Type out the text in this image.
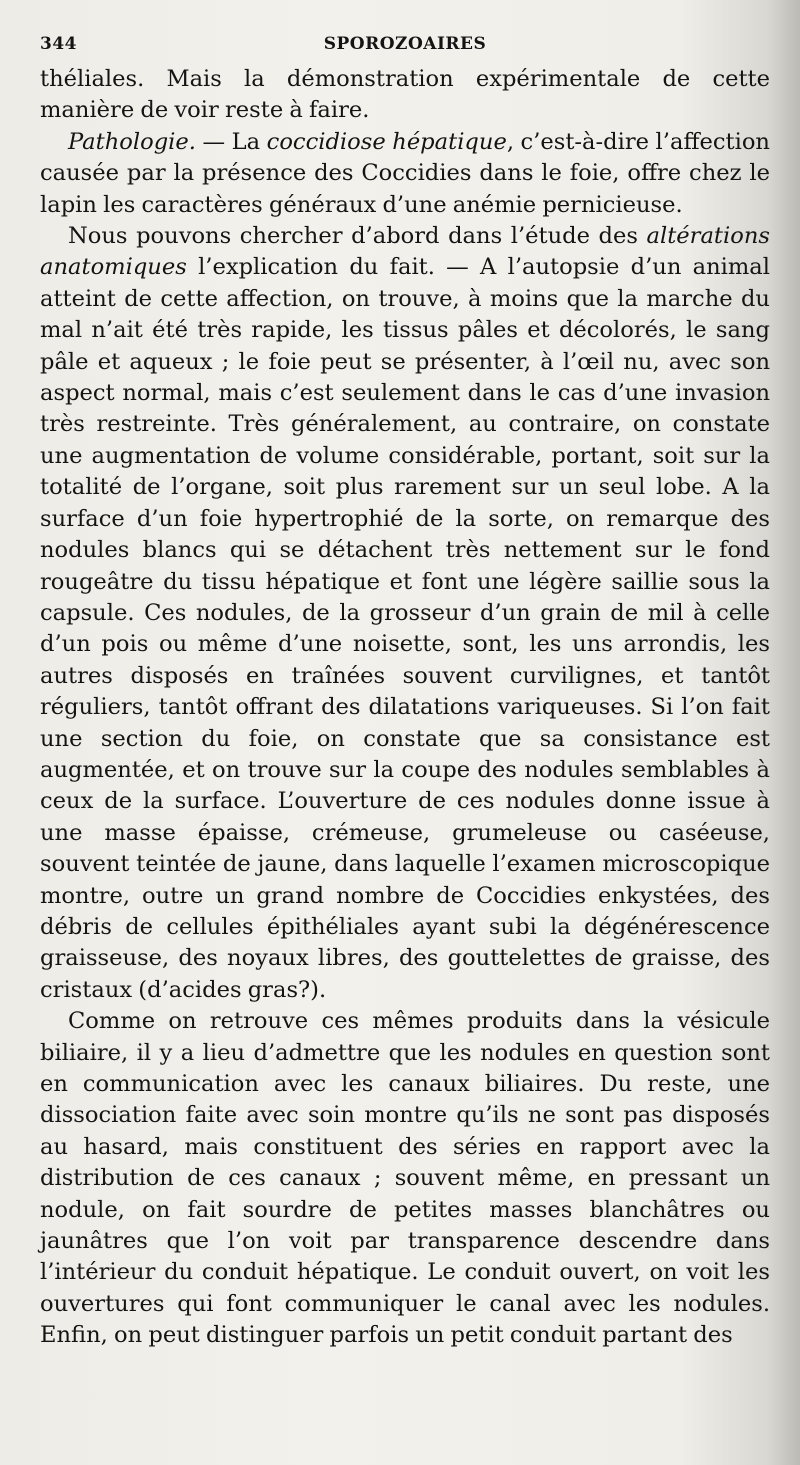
344	SPOROZOAIRES

théliales. Mais la démonstration expérimentale de cette manière de voir reste à faire.

Pathologie. — La coccidiose hépatique, c’est-à-dire l’affection causée par la présence des Coccidies dans le foie, offre chez le lapin les caractères généraux d’une anémie pernicieuse.

Nous pouvons chercher d’abord dans l’étude des altérations anatomiques l’explication du fait. — A l’autopsie d’un animal atteint de cette affection, on trouve, à moins que la marche du mal n’ait été très rapide, les tissus pâles et décolorés, le sang pâle et aqueux ; le foie peut se présenter, à l’œil nu, avec son aspect normal, mais c’est seulement dans le cas d’une invasion très restreinte. Très généralement, au contraire, on constate une augmentation de volume considérable, portant, soit sur la totalité de l’organe, soit plus rarement sur un seul lobe. A la surface d’un foie hypertrophié de la sorte, on remarque des nodules blancs qui se détachent très nettement sur le fond rougeâtre du tissu hépatique et font une légère saillie sous la capsule. Ces nodules, de la grosseur d’un grain de mil à celle d’un pois ou même d’une noisette, sont, les uns arrondis, les autres disposés en traînées souvent curvilignes, et tantôt réguliers, tantôt offrant des dilatations variqueuses. Si l’on fait une section du foie, on constate que sa consistance est augmentée, et on trouve sur la coupe des nodules semblables à ceux de la surface. L’ouverture de ces nodules donne issue à une masse épaisse, crémeuse, grumeleuse ou caséeuse, souvent teintée de jaune, dans laquelle l’examen microscopique montre, outre un grand nombre de Coccidies enkystées, des débris de cellules épithéliales ayant subi la dégénérescence graisseuse, des noyaux libres, des gouttelettes de graisse, des cristaux (d’acides gras?).

Comme on retrouve ces mêmes produits dans la vésicule biliaire, il y a lieu d’admettre que les nodules en question sont en communication avec les canaux biliaires. Du reste, une dissociation faite avec soin montre qu’ils ne sont pas disposés au hasard, mais constituent des séries en rapport avec la distribution de ces canaux ; souvent même, en pressant un nodule, on fait sourdre de petites masses blanchâtres ou jaunâtres que l’on voit par transparence descendre dans l’intérieur du conduit hépatique. Le conduit ouvert, on voit les ouvertures qui font communiquer le canal avec les nodules. Enfin, on peut distinguer parfois un petit conduit partant des
